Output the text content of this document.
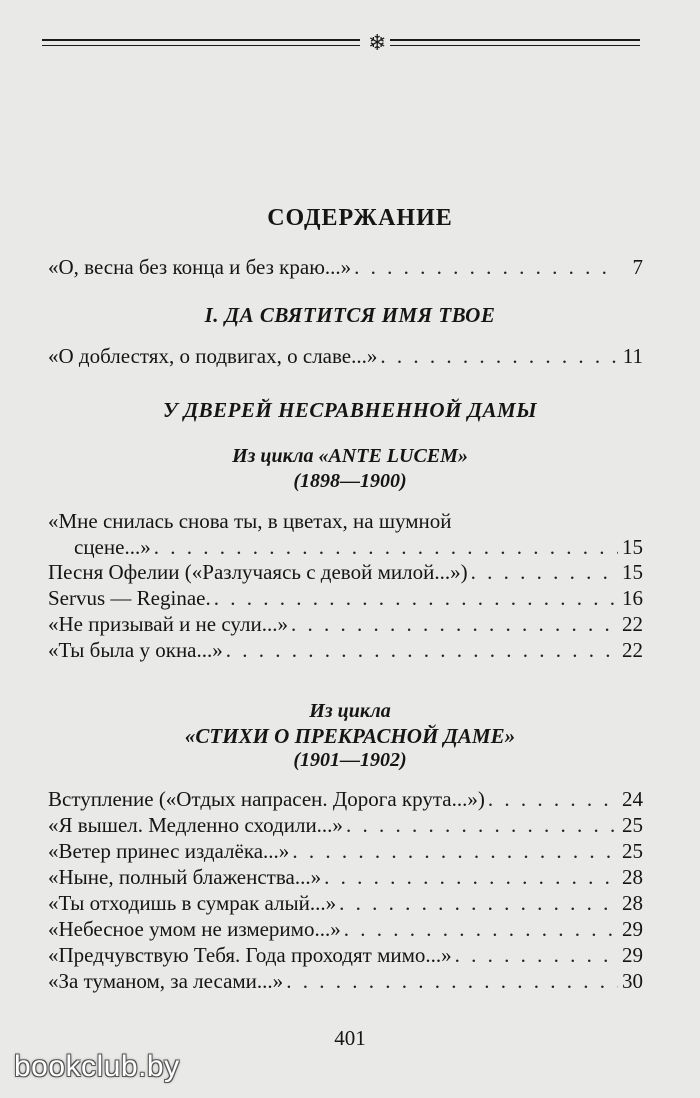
❄
СОДЕРЖАНИЕ
«О, весна без конца и без краю...» . . .	7
I. ДА СВЯТИТСЯ ИМЯ ТВОЕ
«О доблестях, о подвигах, о славе...» . . .	11
У ДВЕРЕЙ НЕСРАВНЕННОЙ ДАМЫ
Из цикла «ANTE LUCEM»
(1898—1900)
«Мне снилась снова ты, в цветах, на шумной
сцене...» . . .	15
Песня Офелии («Разлучаясь с девой милой...») . . .	15
Servus — Reginae. . . .	16
«Не призывай и не сули...» . . .	22
«Ты была у окна...» . . .	22
Из цикла
«СТИХИ О ПРЕКРАСНОЙ ДАМЕ»
(1901—1902)
Вступление («Отдых напрасен. Дорога крута...») . . .	24
«Я вышел. Медленно сходили...» . . .	25
«Ветер принес издалёка...» . . .	25
«Ныне, полный блаженства...» . . .	28
«Ты отходишь в сумрак алый...» . . .	28
«Небесное умом не измеримо...» . . .	29
«Предчувствую Тебя. Года проходят мимо...» . . .	29
«За туманом, за лесами...» . . .	30
401
bookclub.by
